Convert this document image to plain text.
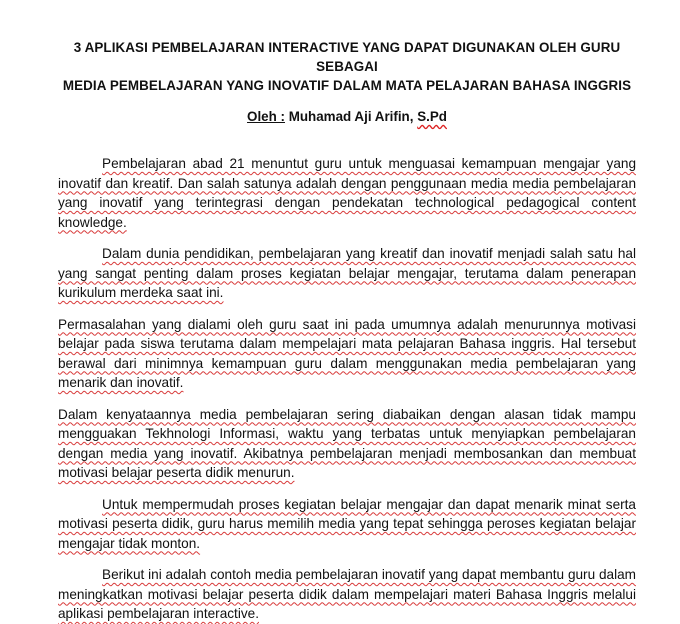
3 APLIKASI PEMBELAJARAN INTERACTIVE YANG DAPAT DIGUNAKAN OLEH GURU SEBAGAI
MEDIA PEMBELAJARAN YANG INOVATIF DALAM MATA PELAJARAN BAHASA INGGRIS

Oleh : Muhamad Aji Arifin, S.Pd

Pembelajaran abad 21 menuntut guru untuk menguasai kemampuan mengajar yang inovatif dan kreatif. Dan salah satunya adalah dengan penggunaan media media pembelajaran yang inovatif yang terintegrasi dengan pendekatan technological pedagogical content knowledge.

Dalam dunia pendidikan, pembelajaran yang kreatif dan inovatif menjadi salah satu hal yang sangat penting dalam proses kegiatan belajar mengajar, terutama dalam penerapan kurikulum merdeka saat ini.

Permasalahan yang dialami oleh guru saat ini pada umumnya adalah menurunnya motivasi belajar pada siswa terutama dalam mempelajari mata pelajaran Bahasa inggris. Hal tersebut berawal dari minimnya kemampuan guru dalam menggunakan media pembelajaran yang menarik dan inovatif.

Dalam kenyataannya media pembelajaran sering diabaikan dengan alasan tidak mampu mengguakan Tekhnologi Informasi, waktu yang terbatas untuk menyiapkan pembelajaran dengan media yang inovatif. Akibatnya pembelajaran menjadi membosankan dan membuat motivasi belajar peserta didik menurun.

Untuk mempermudah proses kegiatan belajar mengajar dan dapat menarik minat serta motivasi peserta didik, guru harus memilih media yang tepat sehingga peroses kegiatan belajar mengajar tidak monton.

Berikut ini adalah contoh media pembelajaran inovatif yang dapat membantu guru dalam meningkatkan motivasi belajar peserta didik dalam mempelajari materi Bahasa Inggris melalui aplikasi pembelajaran interactive.
